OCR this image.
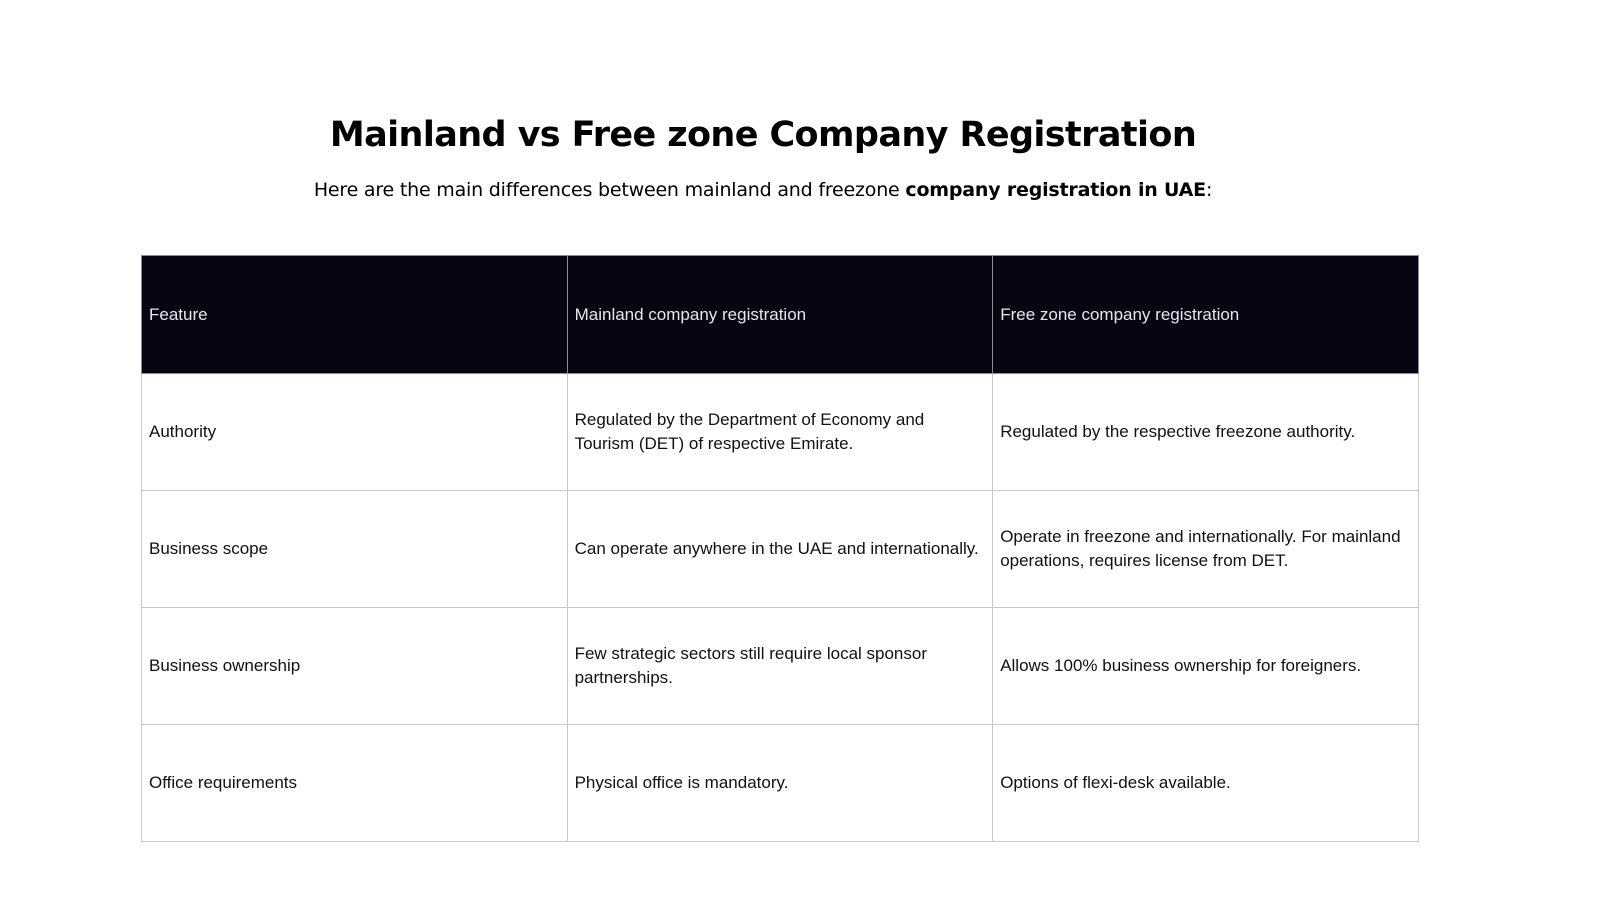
Mainland vs Free zone Company Registration

Here are the main differences between mainland and freezone company registration in UAE:

Feature	Mainland company registration	Free zone company registration
Authority	Regulated by the Department of Economy and Tourism (DET) of respective Emirate.	Regulated by the respective freezone authority.
Business scope	Can operate anywhere in the UAE and internationally.	Operate in freezone and internationally. For mainland operations, requires license from DET.
Business ownership	Few strategic sectors still require local sponsor partnerships.	Allows 100% business ownership for foreigners.
Office requirements	Physical office is mandatory.	Options of flexi-desk available.
